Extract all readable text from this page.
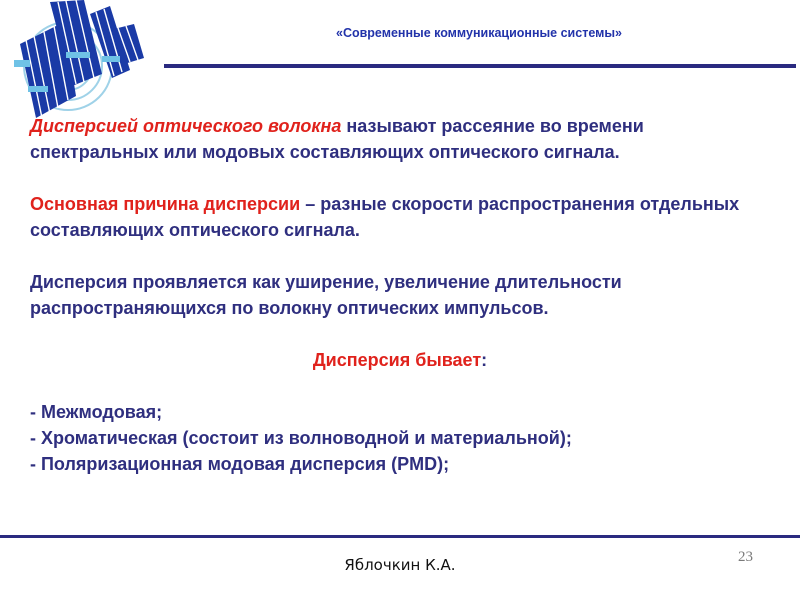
«Современные коммуникационные системы»

Дисперсией оптического волокна называют рассеяние во времени спектральных или модовых составляющих оптического сигнала.

Основная причина дисперсии – разные скорости распространения отдельных составляющих оптического сигнала.

Дисперсия проявляется как уширение, увеличение длительности распространяющихся по волокну оптических импульсов.

Дисперсия бывает:

- Межмодовая;

- Хроматическая (состоит из волноводной и материальной);

- Поляризационная модовая дисперсия (PMD);

Яблочкин К.А.	23
